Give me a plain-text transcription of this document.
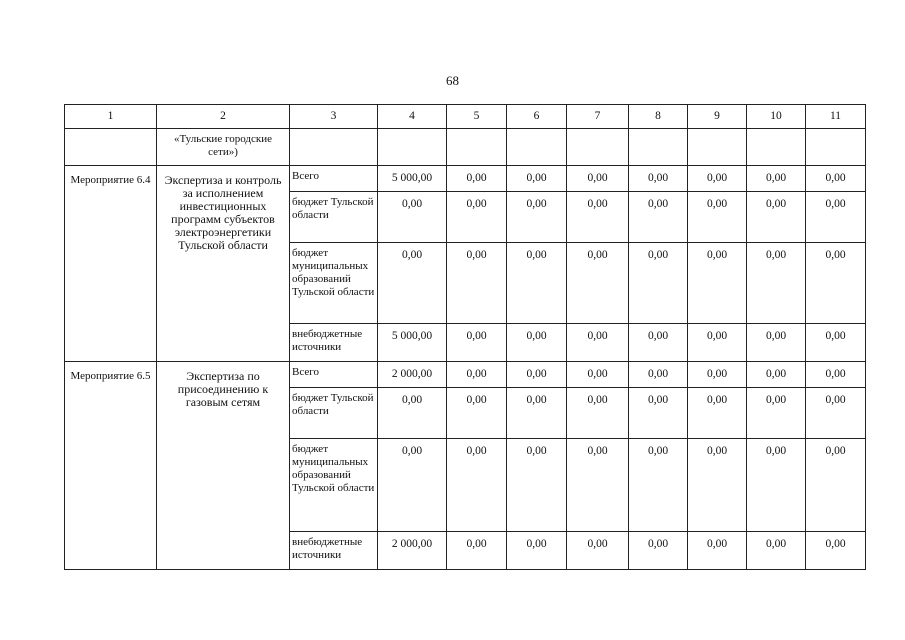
68
1	2	3	4	5	6	7	8	9	10	11
	«Тульские городские сети»)									
Мероприятие 6.4	Экспертиза и контроль за исполнением инвестиционных программ субъектов электроэнергетики Тульской области	Всего	5 000,00	0,00	0,00	0,00	0,00	0,00	0,00	0,00
		бюджет Тульской области	0,00	0,00	0,00	0,00	0,00	0,00	0,00	0,00
		бюджет муниципальных образований Тульской области	0,00	0,00	0,00	0,00	0,00	0,00	0,00	0,00
		внебюджетные источники	5 000,00	0,00	0,00	0,00	0,00	0,00	0,00	0,00
Мероприятие 6.5	Экспертиза по присоединению к газовым сетям	Всего	2 000,00	0,00	0,00	0,00	0,00	0,00	0,00	0,00
		бюджет Тульской области	0,00	0,00	0,00	0,00	0,00	0,00	0,00	0,00
		бюджет муниципальных образований Тульской области	0,00	0,00	0,00	0,00	0,00	0,00	0,00	0,00
		внебюджетные источники	2 000,00	0,00	0,00	0,00	0,00	0,00	0,00	0,00
